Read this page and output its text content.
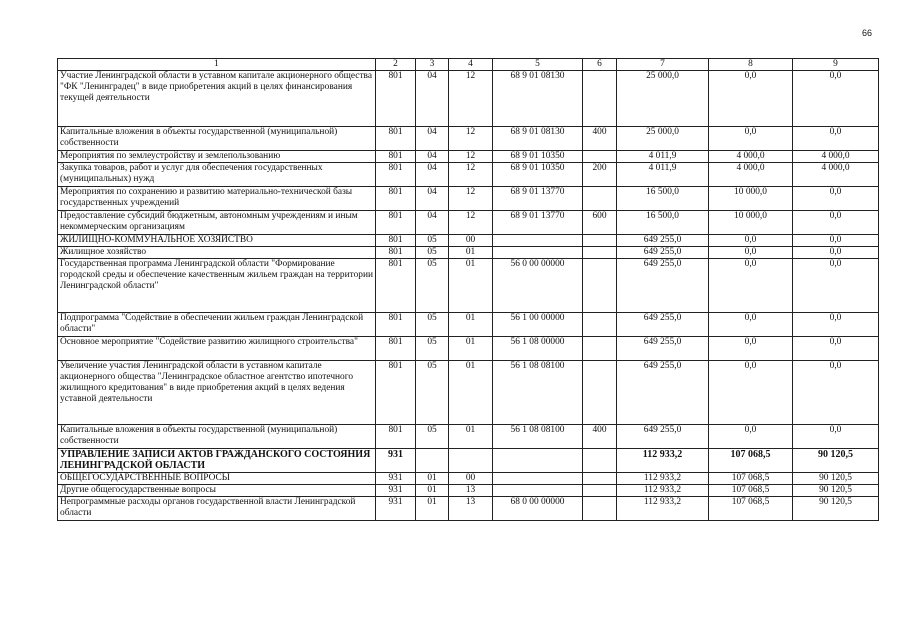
66
1	2	3	4	5	6	7	8	9
Участие Ленинградской области в уставном капитале акционерного общества "ФК "Ленинградец" в виде приобретения акций в целях финансирования текущей деятельности	801	04	12	68 9 01 08130		25 000,0	0,0	0,0
Капитальные вложения в объекты государственной (муниципальной) собственности	801	04	12	68 9 01 08130	400	25 000,0	0,0	0,0
Мероприятия по землеустройству и землепользованию	801	04	12	68 9 01 10350		4 011,9	4 000,0	4 000,0
Закупка товаров, работ и услуг для обеспечения государственных (муниципальных) нужд	801	04	12	68 9 01 10350	200	4 011,9	4 000,0	4 000,0
Мероприятия по сохранению и развитию материально-технической базы государственных учреждений	801	04	12	68 9 01 13770		16 500,0	10 000,0	0,0
Предоставление субсидий бюджетным, автономным учреждениям и иным некоммерческим организациям	801	04	12	68 9 01 13770	600	16 500,0	10 000,0	0,0
ЖИЛИЩНО-КОММУНАЛЬНОЕ ХОЗЯЙСТВО	801	05	00			649 255,0	0,0	0,0
Жилищное хозяйство	801	05	01			649 255,0	0,0	0,0
Государственная программа Ленинградской области "Формирование городской среды и обеспечение качественным жильем граждан на территории Ленинградской области"	801	05	01	56 0 00 00000		649 255,0	0,0	0,0
Подпрограмма "Содействие в обеспечении жильем граждан Ленинградской области"	801	05	01	56 1 00 00000		649 255,0	0,0	0,0
Основное мероприятие "Содействие развитию жилищного строительства"	801	05	01	56 1 08 00000		649 255,0	0,0	0,0
Увеличение участия Ленинградской области в уставном капитале акционерного общества "Ленинградское областное агентство ипотечного жилищного кредитования" в виде приобретения акций в целях ведения уставной деятельности	801	05	01	56 1 08 08100		649 255,0	0,0	0,0
Капитальные вложения в объекты государственной (муниципальной) собственности	801	05	01	56 1 08 08100	400	649 255,0	0,0	0,0
УПРАВЛЕНИЕ ЗАПИСИ АКТОВ ГРАЖДАНСКОГО СОСТОЯНИЯ ЛЕНИНГРАДСКОЙ ОБЛАСТИ	931					112 933,2	107 068,5	90 120,5
ОБЩЕГОСУДАРСТВЕННЫЕ ВОПРОСЫ	931	01	00			112 933,2	107 068,5	90 120,5
Другие общегосударственные вопросы	931	01	13			112 933,2	107 068,5	90 120,5
Непрограммные расходы органов государственной власти Ленинградской области	931	01	13	68 0 00 00000		112 933,2	107 068,5	90 120,5
